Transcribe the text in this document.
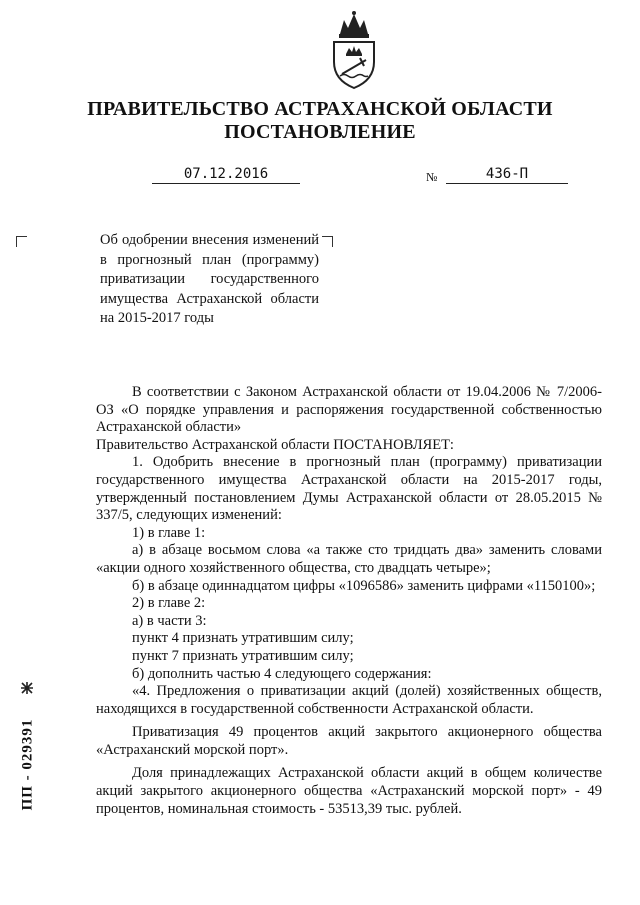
ПРАВИТЕЛЬСТВО АСТРАХАНСКОЙ ОБЛАСТИ
ПОСТАНОВЛЕНИЕ
07.12.2016	№	436-П
Об одобрении внесения изменений в прогнозный план (программу) приватизации государственного имущества Астраханской области на 2015-2017 годы

В соответствии с Законом Астраханской области от 19.04.2006 № 7/2006-ОЗ «О порядке управления и распоряжения государственной собственностью Астраханской области»

Правительство Астраханской области ПОСТАНОВЛЯЕТ:

1. Одобрить внесение в прогнозный план (программу) приватизации государственного имущества Астраханской области на 2015-2017 годы, утвержденный постановлением Думы Астраханской области от 28.05.2015 № 337/5, следующих изменений:

1) в главе 1:

а) в абзаце восьмом слова «а также сто тридцать два» заменить словами «акции одного хозяйственного общества, сто двадцать четыре»;

б) в абзаце одиннадцатом цифры «1096586» заменить цифрами «1150100»;

2) в главе 2:

а) в части 3:

пункт 4 признать утратившим силу;

пункт 7 признать утратившим силу;

б) дополнить частью 4 следующего содержания:

«4. Предложения о приватизации акций (долей) хозяйственных обществ, находящихся в государственной собственности Астраханской области.

Приватизация 49 процентов акций закрытого акционерного общества «Астраханский морской порт».

Доля принадлежащих Астраханской области акций в общем количестве акций закрытого акционерного общества «Астраханский морской порт» - 49 процентов, номинальная стоимость - 53513,39 тыс. рублей.

ПП - 029391
